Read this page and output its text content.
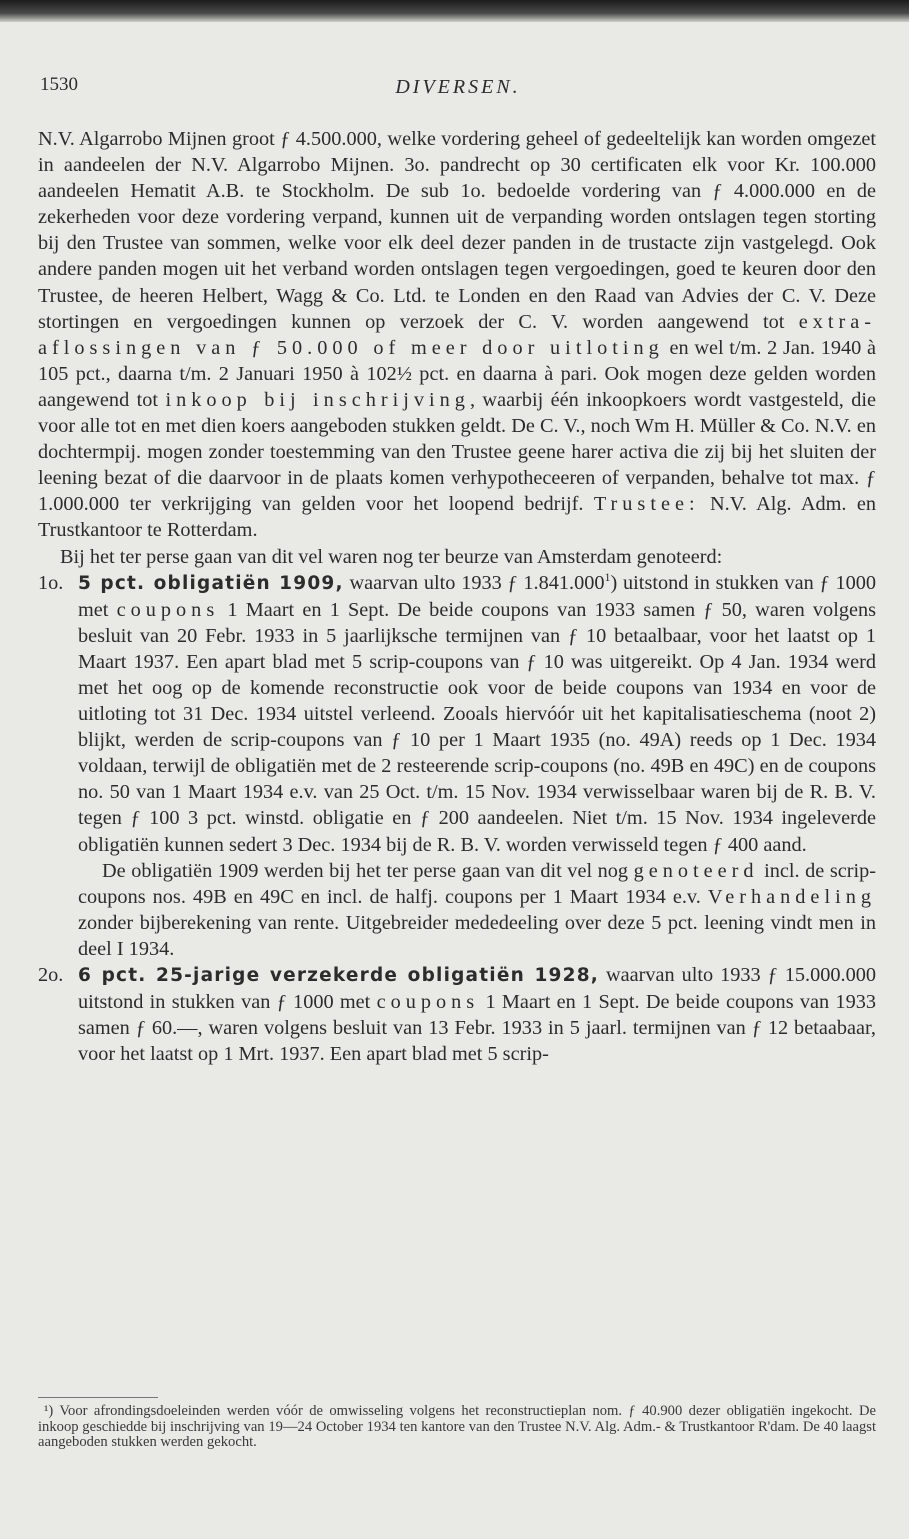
1530	DIVERSEN.

N.V. Algarrobo Mijnen groot ƒ 4.500.000, welke vordering geheel of gedeeltelijk kan worden omgezet in aandeelen der N.V. Algarrobo Mijnen. 3o. pandrecht op 30 certificaten elk voor Kr. 100.000 aandeelen Hematit A.B. te Stockholm. De sub 1o. bedoelde vordering van ƒ 4.000.000 en de zekerheden voor deze vordering verpand, kunnen uit de verpanding worden ontslagen tegen storting bij den Trustee van sommen, welke voor elk deel dezer panden in de trustacte zijn vastgelegd. Ook andere panden mogen uit het verband worden ontslagen tegen vergoedingen, goed te keuren door den Trustee, de heeren Helbert, Wagg & Co. Ltd. te Londen en den Raad van Advies der C. V. Deze stortingen en vergoedingen kunnen op verzoek der C. V. worden aangewend tot extra-aflossingen van ƒ 50.000 of meer door uitloting en wel t/m. 2 Jan. 1940 à 105 pct., daarna t/m. 2 Januari 1950 à 102½ pct. en daarna à pari. Ook mogen deze gelden worden aangewend tot inkoop bij inschrijving, waarbij één inkoopkoers wordt vastgesteld, die voor alle tot en met dien koers aangeboden stukken geldt. De C. V., noch Wm H. Müller & Co. N.V. en dochtermpij. mogen zonder toestemming van den Trustee geene harer activa die zij bij het sluiten der leening bezat of die daarvoor in de plaats komen verhypotheceeren of verpanden, behalve tot max. ƒ 1.000.000 ter verkrijging van gelden voor het loopend bedrijf. Trustee: N.V. Alg. Adm. en Trustkantoor te Rotterdam.

Bij het ter perse gaan van dit vel waren nog ter beurze van Amsterdam genoteerd:

1o. 5 pct. obligatiën 1909, waarvan ulto 1933 ƒ 1.841.000$^1$) uitstond in stukken van ƒ 1000 met coupons 1 Maart en 1 Sept. De beide coupons van 1933 samen ƒ 50, waren volgens besluit van 20 Febr. 1933 in 5 jaarlijksche termijnen van ƒ 10 betaalbaar, voor het laatst op 1 Maart 1937. Een apart blad met 5 scrip-coupons van ƒ 10 was uitgereikt. Op 4 Jan. 1934 werd met het oog op de komende reconstructie ook voor de beide coupons van 1934 en voor de uitloting tot 31 Dec. 1934 uitstel verleend. Zooals hiervóór uit het kapitalisatieschema (noot 2) blijkt, werden de scrip-coupons van ƒ 10 per 1 Maart 1935 (no. 49A) reeds op 1 Dec. 1934 voldaan, terwijl de obligatiën met de 2 resteerende scrip-coupons (no. 49B en 49C) en de coupons no. 50 van 1 Maart 1934 e.v. van 25 Oct. t/m. 15 Nov. 1934 verwisselbaar waren bij de R. B. V. tegen ƒ 100 3 pct. winstd. obligatie en ƒ 200 aandeelen. Niet t/m. 15 Nov. 1934 ingeleverde obligatiën kunnen sedert 3 Dec. 1934 bij de R. B. V. worden verwisseld tegen ƒ 400 aand.

De obligatiën 1909 werden bij het ter perse gaan van dit vel nog genoteerd incl. de scrip-coupons nos. 49B en 49C en incl. de halfj. coupons per 1 Maart 1934 e.v. Verhandeling zonder bijberekening van rente. Uitgebreider mededeeling over deze 5 pct. leening vindt men in deel I 1934.

2o. 6 pct. 25-jarige verzekerde obligatiën 1928, waarvan ulto 1933 ƒ 15.000.000 uitstond in stukken van ƒ 1000 met coupons 1 Maart en 1 Sept. De beide coupons van 1933 samen ƒ 60.—, waren volgens besluit van 13 Febr. 1933 in 5 jaarl. termijnen van ƒ 12 betaabaar, voor het laatst op 1 Mrt. 1937. Een apart blad met 5 scrip-

¹) Voor afrondingsdoeleinden werden vóór de omwisseling volgens het reconstructieplan nom. ƒ 40.900 dezer obligatiën ingekocht. De inkoop geschiedde bij inschrijving van 19—24 October 1934 ten kantore van den Trustee N.V. Alg. Adm.- & Trustkantoor R'dam. De 40 laagst aangeboden stukken werden gekocht.
